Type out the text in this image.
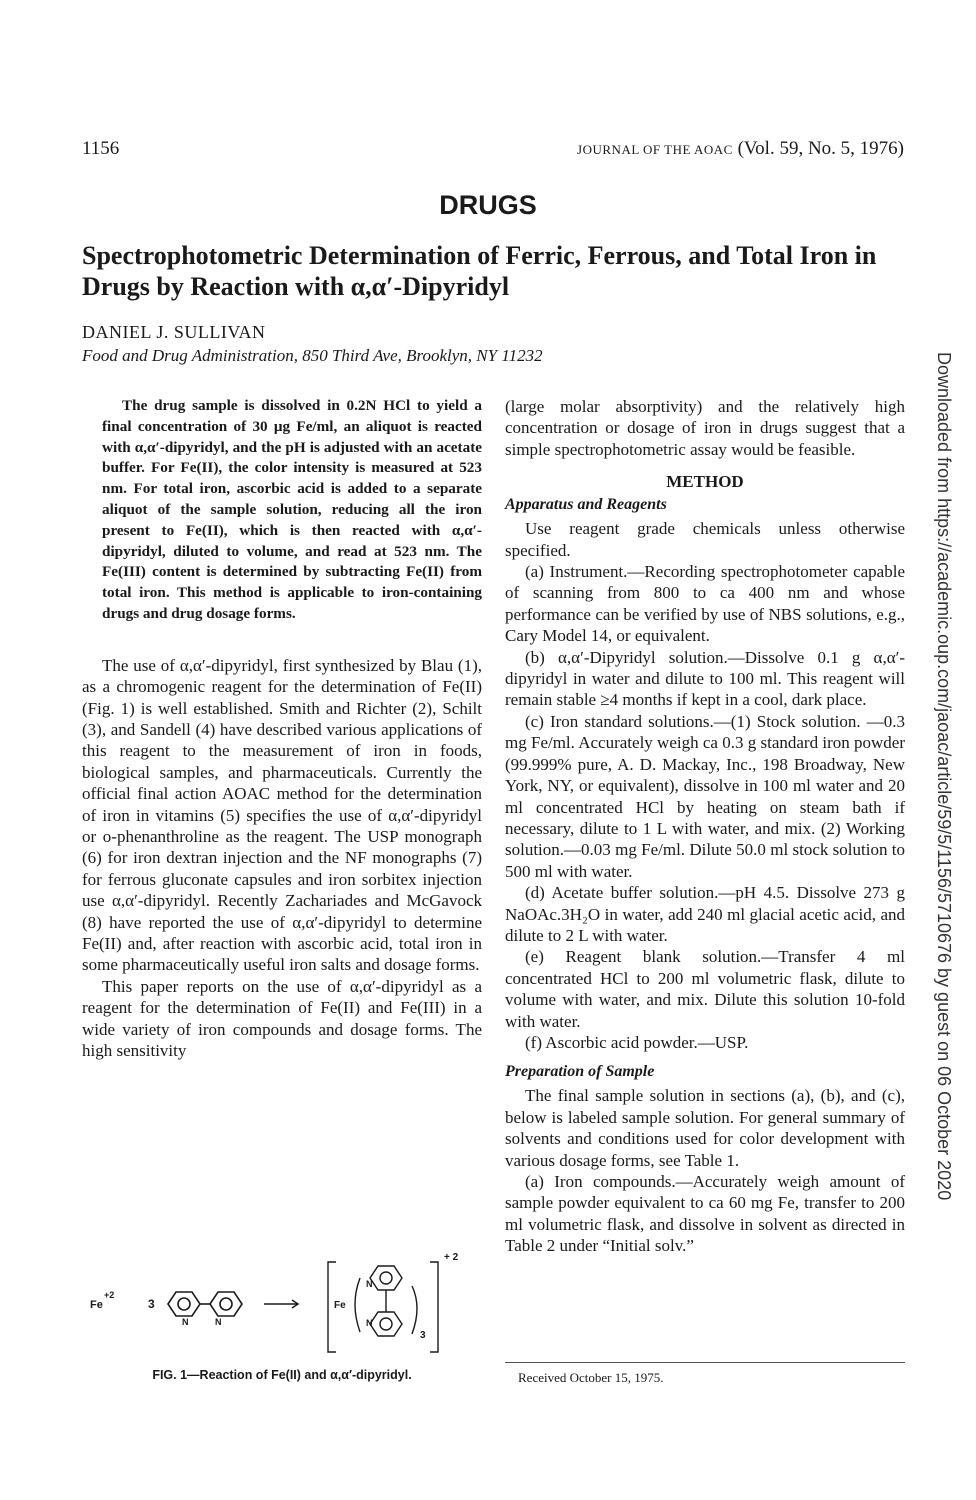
1156	JOURNAL OF THE AOAC (Vol. 59, No. 5, 1976)
DRUGS
Spectrophotometric Determination of Ferric, Ferrous, and Total Iron in Drugs by Reaction with α,α′-Dipyridyl
DANIEL J. SULLIVAN
Food and Drug Administration, 850 Third Ave, Brooklyn, NY 11232

The drug sample is dissolved in 0.2N HCl to yield a final concentration of 30 μg Fe/ml, an aliquot is reacted with α,α′-dipyridyl, and the pH is adjusted with an acetate buffer. For Fe(II), the color intensity is measured at 523 nm. For total iron, ascorbic acid is added to a separate aliquot of the sample solution, reducing all the iron present to Fe(II), which is then reacted with α,α′-dipyridyl, diluted to volume, and read at 523 nm. The Fe(III) content is determined by subtracting Fe(II) from total iron. This method is applicable to iron-containing drugs and drug dosage forms.

The use of α,α′-dipyridyl, first synthesized by Blau (1), as a chromogenic reagent for the determination of Fe(II) (Fig. 1) is well established. Smith and Richter (2), Schilt (3), and Sandell (4) have described various applications of this reagent to the measurement of iron in foods, biological samples, and pharmaceuticals. Currently the official final action AOAC method for the determination of iron in vitamins (5) specifies the use of α,α′-dipyridyl or o-phenanthroline as the reagent. The USP monograph (6) for iron dextran injection and the NF monographs (7) for ferrous gluconate capsules and iron sorbitex injection use α,α′-dipyridyl. Recently Zachariades and McGavock (8) have reported the use of α,α′-dipyridyl to determine Fe(II) and, after reaction with ascorbic acid, total iron in some pharmaceutically useful iron salts and dosage forms.

This paper reports on the use of α,α′-dipyridyl as a reagent for the determination of Fe(II) and Fe(III) in a wide variety of iron compounds and dosage forms. The high sensitivity

(large molar absorptivity) and the relatively high concentration or dosage of iron in drugs suggest that a simple spectrophotometric assay would be feasible.

METHOD
Apparatus and Reagents

Use reagent grade chemicals unless otherwise specified.

(a) Instrument.—Recording spectrophotometer capable of scanning from 800 to ca 400 nm and whose performance can be verified by use of NBS solutions, e.g., Cary Model 14, or equivalent.

(b) α,α′-Dipyridyl solution.—Dissolve 0.1 g α,α′-dipyridyl in water and dilute to 100 ml. This reagent will remain stable ≥4 months if kept in a cool, dark place.

(c) Iron standard solutions.—(1) Stock solution. —0.3 mg Fe/ml. Accurately weigh ca 0.3 g standard iron powder (99.999% pure, A. D. Mackay, Inc., 198 Broadway, New York, NY, or equivalent), dissolve in 100 ml water and 20 ml concentrated HCl by heating on steam bath if necessary, dilute to 1 L with water, and mix. (2) Working solution.—0.03 mg Fe/ml. Dilute 50.0 ml stock solution to 500 ml with water.

(d) Acetate buffer solution.—pH 4.5. Dissolve 273 g NaOAc.3H₂O in water, add 240 ml glacial acetic acid, and dilute to 2 L with water.

(e) Reagent blank solution.—Transfer 4 ml concentrated HCl to 200 ml volumetric flask, dilute to volume with water, and mix. Dilute this solution 10-fold with water.

(f) Ascorbic acid powder.—USP.

Preparation of Sample

The final sample solution in sections (a), (b), and (c), below is labeled sample solution. For general summary of solvents and conditions used for color development with various dosage forms, see Table 1.

(a) Iron compounds.—Accurately weigh amount of sample powder equivalent to ca 60 mg Fe, transfer to 200 ml volumetric flask, and dissolve in solvent as directed in Table 2 under “Initial solv.”

Fe
+2
3
N	N
Fe
N
N
3
+ 2
FIG. 1—Reaction of Fe(II) and α,α′-dipyridyl.	Received October 15, 1975.
Downloaded from https://academic.oup.com/jaoac/article/59/5/1156/5710676 by guest on 06 October 2020
